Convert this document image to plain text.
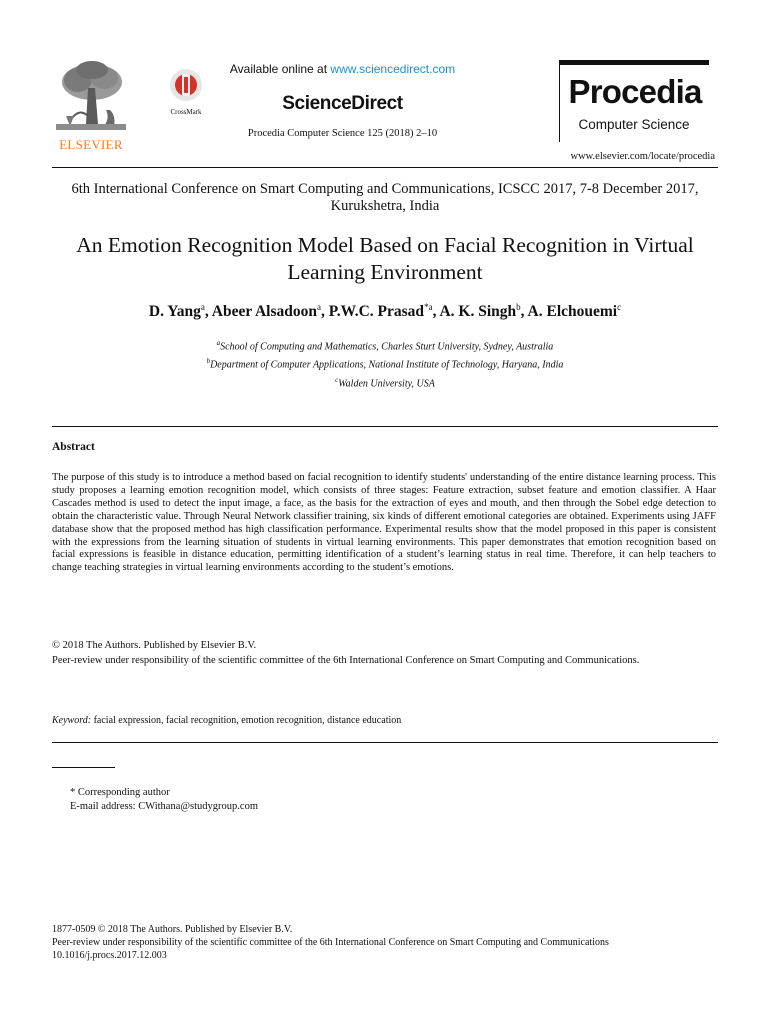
ELSEVIER
CrossMark
Available online at www.sciencedirect.com
ScienceDirect
Procedia Computer Science 125 (2018) 2–10
Procedia
Computer Science
www.elsevier.com/locate/procedia
6th International Conference on Smart Computing and Communications, ICSCC 2017, 7-8 December 2017, Kurukshetra, India
An Emotion Recognition Model Based on Facial Recognition in Virtual Learning Environment
D. Yang$^a$, Abeer Alsadoon$^a$, P.W.C. Prasad$^{*a}$, A. K. Singh$^b$, A. Elchouemi$^c$
$^a$School of Computing and Mathematics, Charles Sturt University, Sydney, Australia
$^b$Department of Computer Applications, National Institute of Technology, Haryana, India
$^c$Walden University, USA
Abstract
The purpose of this study is to introduce a method based on facial recognition to identify students' understanding of the entire distance learning process. This study proposes a learning emotion recognition model, which consists of three stages: Feature extraction, subset feature and emotion classifier. A Haar Cascades method is used to detect the input image, a face, as the basis for the extraction of eyes and mouth, and then through the Sobel edge detection to obtain the characteristic value. Through Neural Network classifier training, six kinds of different emotional categories are obtained. Experiments using JAFF database show that the proposed method has high classification performance. Experimental results show that the model proposed in this paper is consistent with the expressions from the learning situation of students in virtual learning environments. This paper demonstrates that emotion recognition based on facial expressions is feasible in distance education, permitting identification of a student’s learning status in real time. Therefore, it can help teachers to change teaching strategies in virtual learning environments according to the student’s emotions.
© 2018 The Authors. Published by Elsevier B.V.
Peer-review under responsibility of the scientific committee of the 6th International Conference on Smart Computing and Communications.
Keyword: facial expression, facial recognition, emotion recognition, distance education
* Corresponding author
E-mail address: CWithana@studygroup.com
1877-0509 © 2018 The Authors. Published by Elsevier B.V.
Peer-review under responsibility of the scientific committee of the 6th International Conference on Smart Computing and Communications
10.1016/j.procs.2017.12.003
